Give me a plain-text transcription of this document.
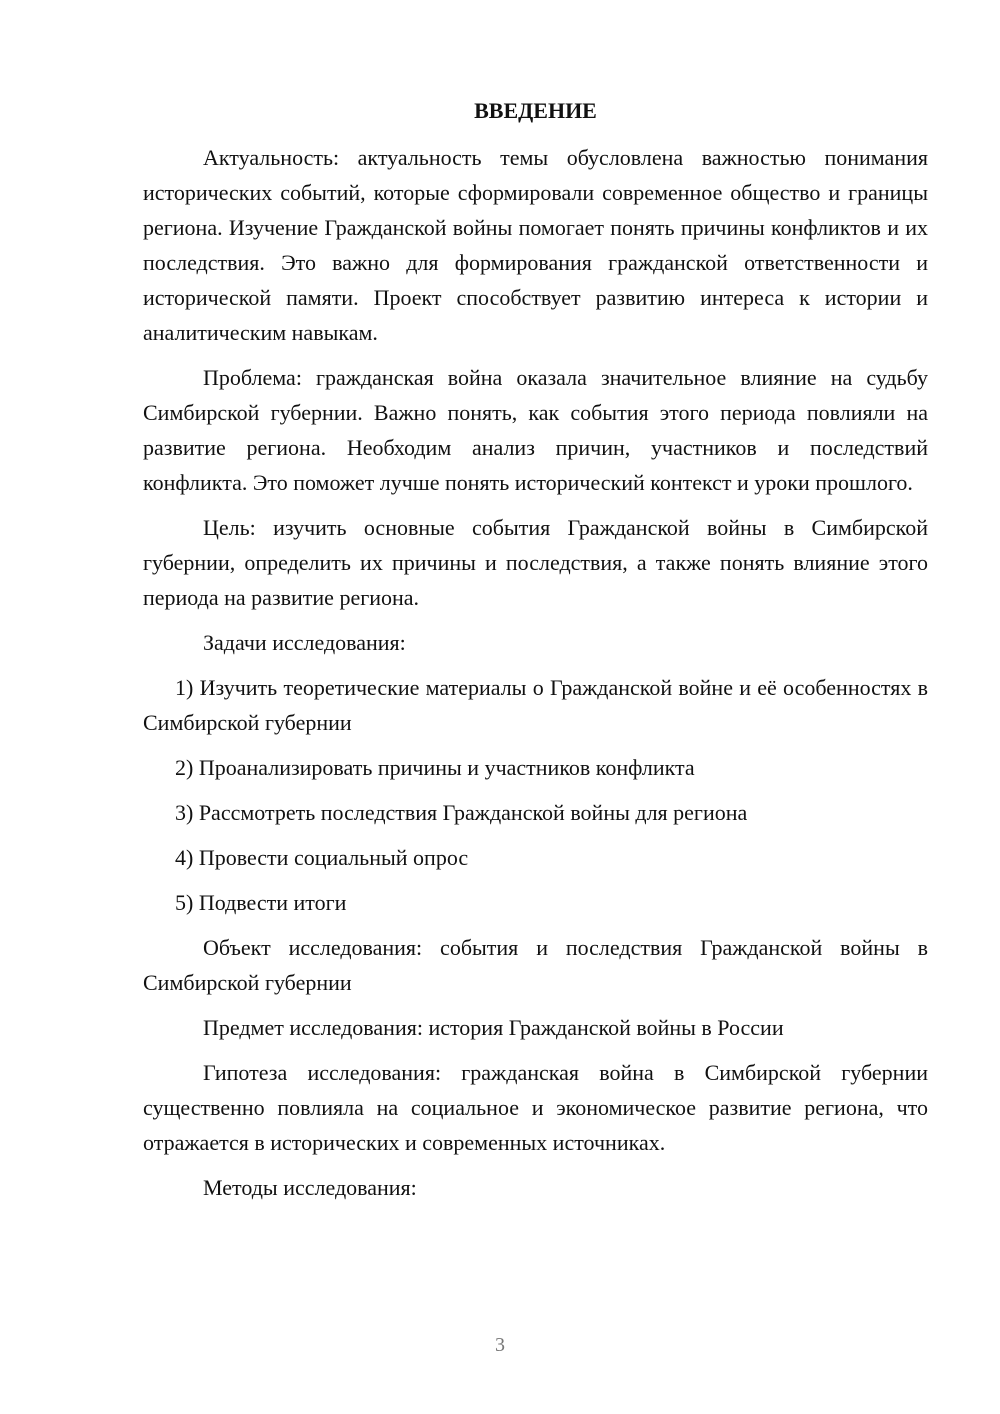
ВВЕДЕНИЕ

Актуальность: актуальность темы обусловлена важностью понимания исторических событий, которые сформировали современное общество и границы региона. Изучение Гражданской войны помогает понять причины конфликтов и их последствия. Это важно для формирования гражданской ответственности и исторической памяти. Проект способствует развитию интереса к истории и аналитическим навыкам.

Проблема: гражданская война оказала значительное влияние на судьбу Симбирской губернии. Важно понять, как события этого периода повлияли на развитие региона. Необходим анализ причин, участников и последствий конфликта. Это поможет лучше понять исторический контекст и уроки прошлого.

Цель: изучить основные события Гражданской войны в Симбирской губернии, определить их причины и последствия, а также понять влияние этого периода на развитие региона.

Задачи исследования:

1) Изучить теоретические материалы о Гражданской войне и её особенностях в Симбирской губернии

2) Проанализировать причины и участников конфликта

3) Рассмотреть последствия Гражданской войны для региона

4) Провести социальный опрос

5) Подвести итоги

Объект исследования: события и последствия Гражданской войны в Симбирской губернии

Предмет исследования: история Гражданской войны в России

Гипотеза исследования: гражданская война в Симбирской губернии существенно повлияла на социальное и экономическое развитие региона, что отражается в исторических и современных источниках.

Методы исследования:

3
